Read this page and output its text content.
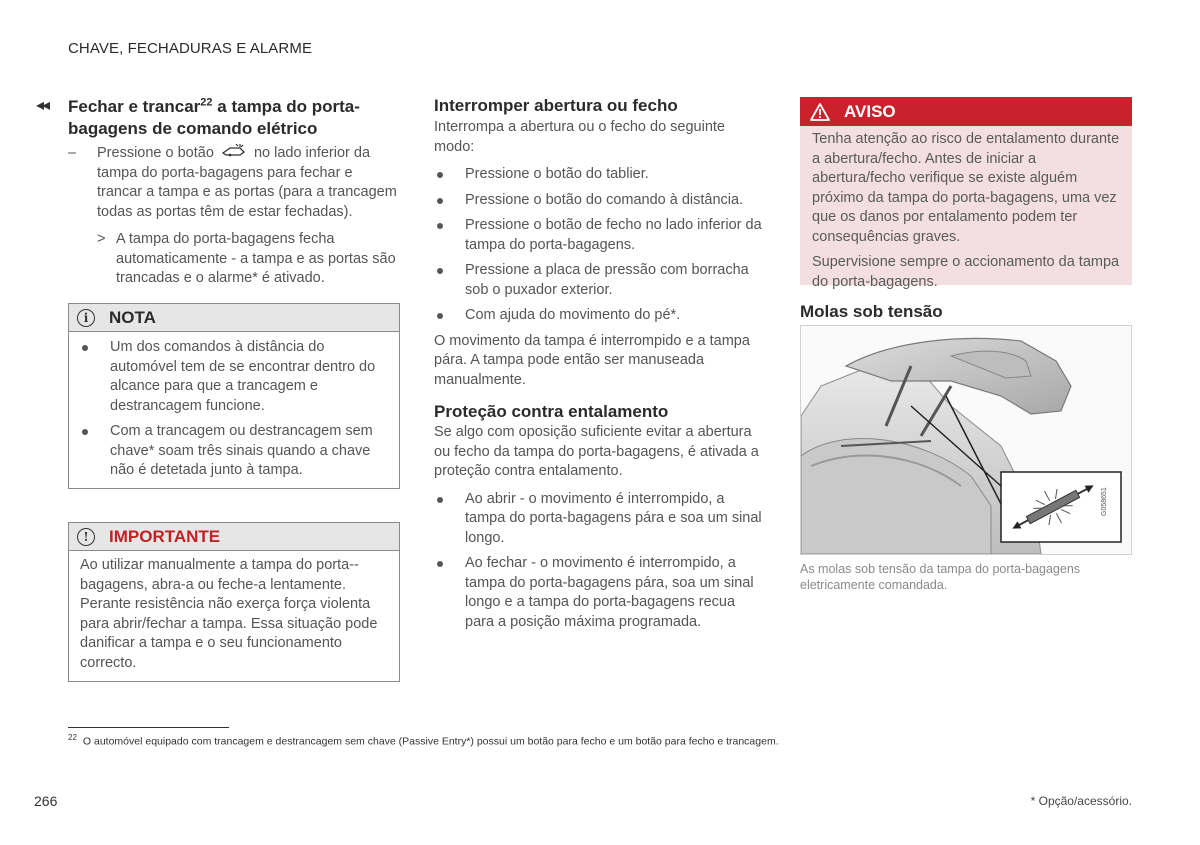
CHAVE, FECHADURAS E ALARME
◂◂ Fechar e trancar$^{22}$ a tampa do porta-bagagens de comando elétrico
– Pressione o botão	no lado inferior da tampa do porta-bagagens para fechar e trancar a tampa e as portas (para a trancagem todas as portas têm de estar fechadas).
> A tampa do porta-bagagens fecha automaticamente - a tampa e as portas são trancadas e o alarme* é ativado.
i	NOTA
Um dos comandos à distância do automóvel tem de se encontrar dentro do alcance para que a trancagem e destrancagem funcione.
Com a trancagem ou destrancagem sem chave* soam três sinais quando a chave não é detetada junto à tampa.
!	IMPORTANTE
Ao utilizar manualmente a tampa do porta--bagagens, abra-a ou feche-a lentamente. Perante resistência não exerça força violenta para abrir/fechar a tampa. Essa situação pode danificar a tampa e o seu funcionamento correcto.
Interromper abertura ou fecho
Interrompa a abertura ou o fecho do seguinte modo:
Pressione o botão do tablier.
Pressione o botão do comando à distância.
Pressione o botão de fecho no lado inferior da tampa do porta-bagagens.
Pressione a placa de pressão com borracha sob o puxador exterior.
Com ajuda do movimento do pé*.
O movimento da tampa é interrompido e a tampa pára. A tampa pode então ser manuseada manualmente.
Proteção contra entalamento
Se algo com oposição suficiente evitar a abertura ou fecho da tampa do porta-bagagens, é ativada a proteção contra entalamento.
Ao abrir - o movimento é interrompido, a tampa do porta-bagagens pára e soa um sinal longo.
Ao fechar - o movimento é interrompido, a tampa do porta-bagagens pára, soa um sinal longo e a tampa do porta-bagagens recua para a posição máxima programada.
AVISO
Tenha atenção ao risco de entalamento durante a abertura/fecho. Antes de iniciar a abertura/fecho verifique se existe alguém próximo da tampa do porta-bagagens, uma vez que os danos por entalamento podem ter consequências graves.
Supervisione sempre o accionamento da tampa do porta-bagagens.
Molas sob tensão
G058651
As molas sob tensão da tampa do porta-bagagens eletricamente comandada.
$^{22}$ O automóvel equipado com trancagem e destrancagem sem chave (Passive Entry*) possui um botão para fecho e um botão para fecho e trancagem.
266	* Opção/acessório.
